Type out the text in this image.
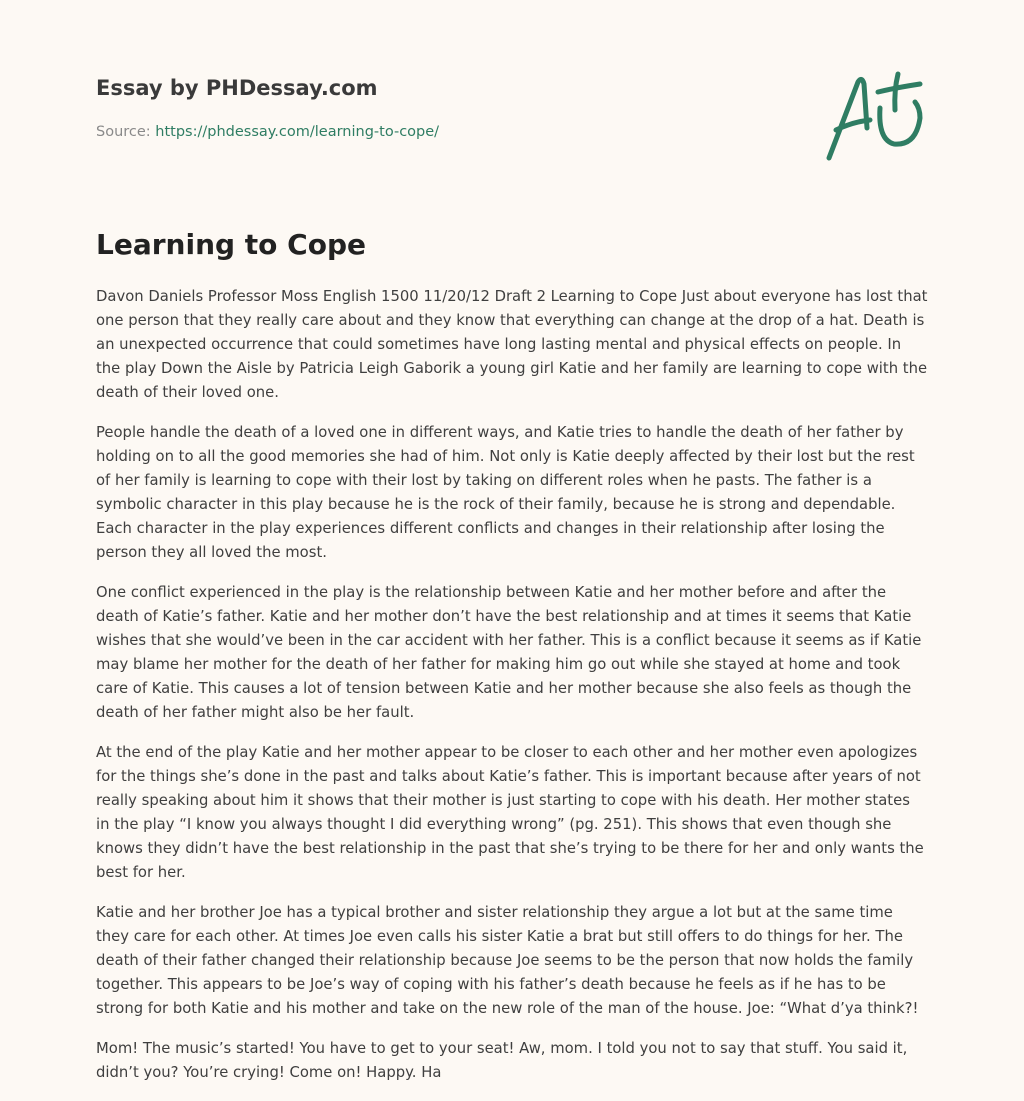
Essay by PHDessay.com
Source: https://phdessay.com/learning-to-cope/
Learning to Cope

Davon Daniels Professor Moss English 1500 11/20/12 Draft 2 Learning to Cope Just about everyone has lost that one person that they really care about and they know that everything can change at the drop of a hat. Death is an unexpected occurrence that could sometimes have long lasting mental and physical effects on people. In the play Down the Aisle by Patricia Leigh Gaborik a young girl Katie and her family are learning to cope with the death of their loved one.

People handle the death of a loved one in different ways, and Katie tries to handle the death of her father by holding on to all the good memories she had of him. Not only is Katie deeply affected by their lost but the rest of her family is learning to cope with their lost by taking on different roles when he pasts. The father is a symbolic character in this play because he is the rock of their family, because he is strong and dependable. Each character in the play experiences different conflicts and changes in their relationship after losing the person they all loved the most.

One conflict experienced in the play is the relationship between Katie and her mother before and after the death of Katie’s father. Katie and her mother don’t have the best relationship and at times it seems that Katie wishes that she would’ve been in the car accident with her father. This is a conflict because it seems as if Katie may blame her mother for the death of her father for making him go out while she stayed at home and took care of Katie. This causes a lot of tension between Katie and her mother because she also feels as though the death of her father might also be her fault.

At the end of the play Katie and her mother appear to be closer to each other and her mother even apologizes for the things she’s done in the past and talks about Katie’s father. This is important because after years of not really speaking about him it shows that their mother is just starting to cope with his death. Her mother states in the play “I know you always thought I did everything wrong” (pg. 251). This shows that even though she knows they didn’t have the best relationship in the past that she’s trying to be there for her and only wants the best for her.

Katie and her brother Joe has a typical brother and sister relationship they argue a lot but at the same time they care for each other. At times Joe even calls his sister Katie a brat but still offers to do things for her. The death of their father changed their relationship because Joe seems to be the person that now holds the family together. This appears to be Joe’s way of coping with his father’s death because he feels as if he has to be strong for both Katie and his mother and take on the new role of the man of the house. Joe: “What d’ya think?!

Mom! The music’s started! You have to get to your seat! Aw, mom. I told you not to say that stuff. You said it, didn’t you? You’re crying! Come on! Happy. Ha
